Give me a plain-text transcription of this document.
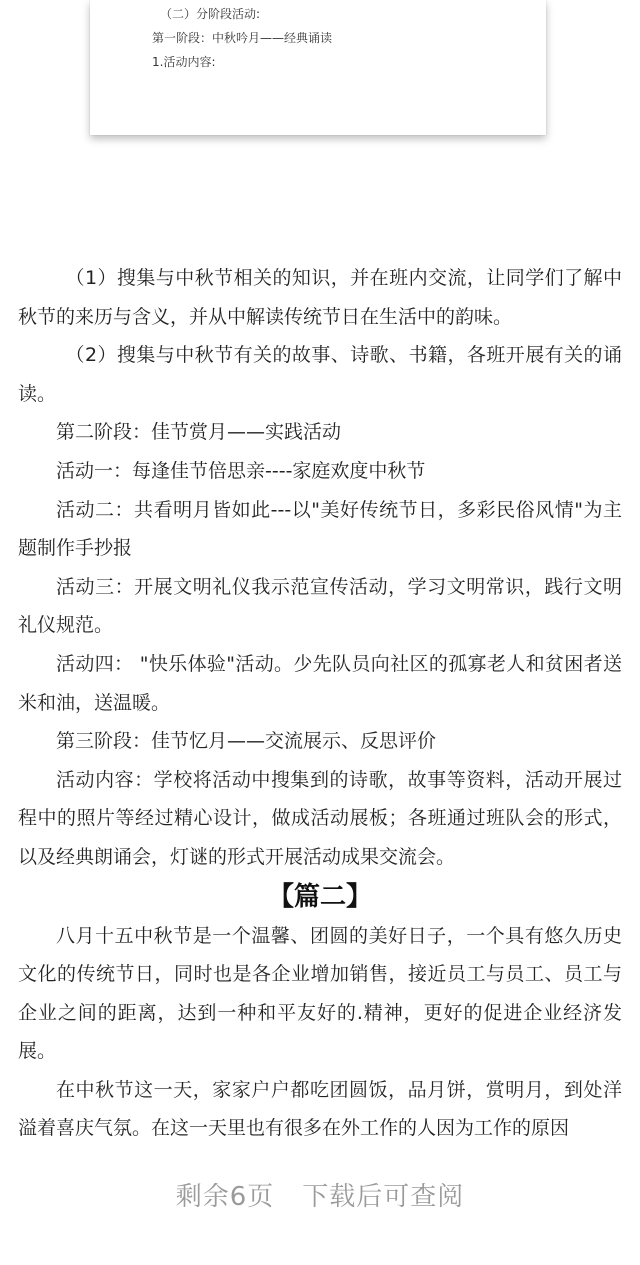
（二）分阶段活动:
第一阶段：中秋吟月——经典诵读
1.活动内容:

（1）搜集与中秋节相关的知识，并在班内交流，让同学们了解中秋节的来历与含义，并从中解读传统节日在生活中的韵味。

（2）搜集与中秋节有关的故事、诗歌、书籍，各班开展有关的诵读。

第二阶段：佳节赏月——实践活动

活动一：每逢佳节倍思亲----家庭欢度中秋节

活动二：共看明月皆如此---以"美好传统节日，多彩民俗风情"为主题制作手抄报

活动三：开展文明礼仪我示范宣传活动，学习文明常识，践行文明礼仪规范。

活动四： "快乐体验"活动。少先队员向社区的孤寡老人和贫困者送米和油，送温暖。

第三阶段：佳节忆月——交流展示、反思评价

活动内容：学校将活动中搜集到的诗歌，故事等资料，活动开展过程中的照片等经过精心设计，做成活动展板；各班通过班队会的形式，以及经典朗诵会，灯谜的形式开展活动成果交流会。

【篇二】

八月十五中秋节是一个温馨、团圆的美好日子，一个具有悠久历史文化的传统节日，同时也是各企业增加销售，接近员工与员工、员工与企业之间的距离，达到一种和平友好的.精神，更好的促进企业经济发展。

在中秋节这一天，家家户户都吃团圆饭，品月饼，赏明月，到处洋溢着喜庆气氛。在这一天里也有很多在外工作的人因为工作的原因

剩余6页 下载后可查阅
